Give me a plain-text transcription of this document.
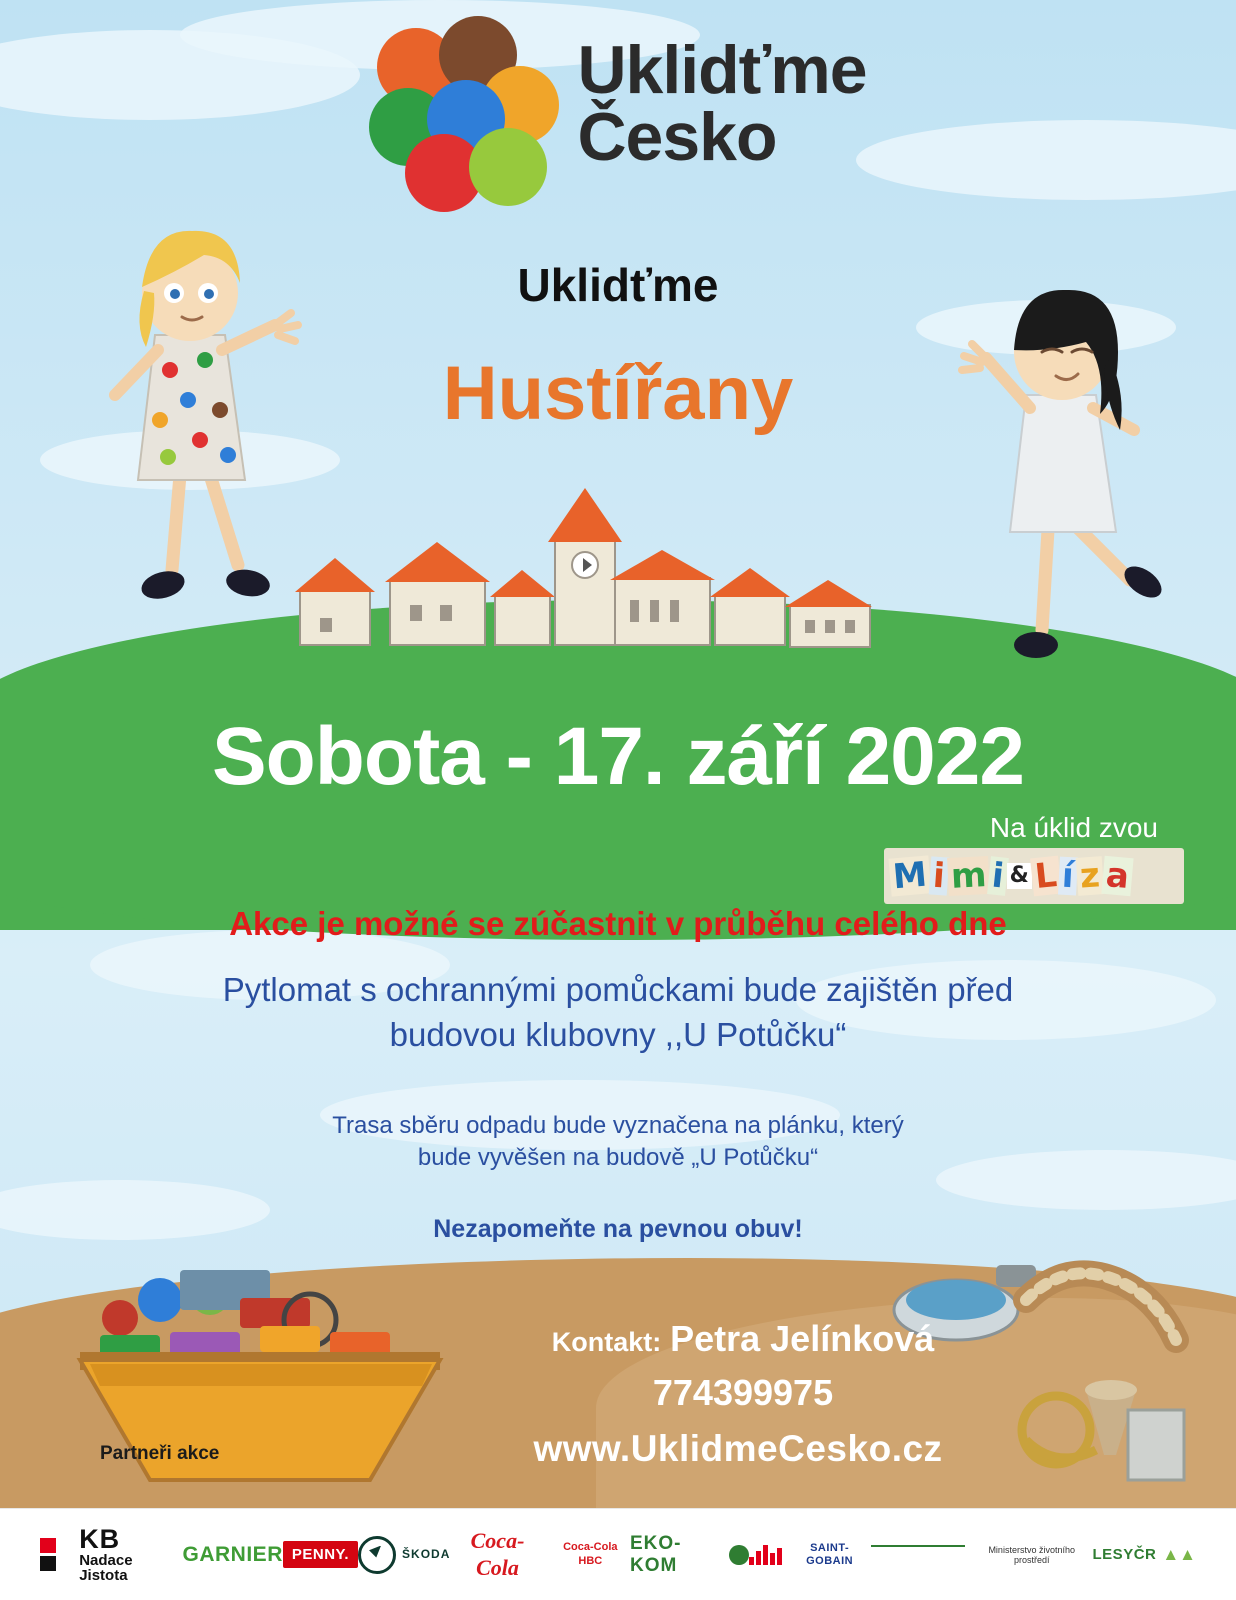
Uklidťme
Česko
Uklidťme
Hustířany
Sobota - 17. září 2022
Na úklid zvou
M i m i & L í z a
Akce je možné se zúčastnit v průběhu celého dne
Pytlomat s ochrannými pomůckami bude zajištěn před
budovou klubovny ,,U Potůčku“
Trasa sběru odpadu bude vyznačena na plánku, který
bude vyvěšen na budově „U Potůčku“
Nezapomeňte na pevnou obuv!
Kontakt: Petra Jelínková
774399975
www.UklidmeCesko.cz
Partneři akce
KB
Nadace Jistota
GARNIER PENNY.	ŠKODA
Coca-Cola
Coca-Cola HBC
EKO-KOM
SAINT-GOBAIN
Ministerstvo životního prostředí	LESYČR ▲▲
